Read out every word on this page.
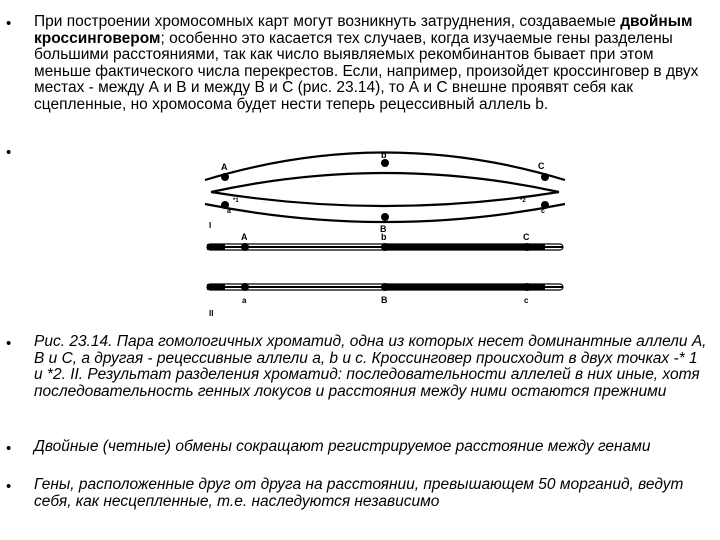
•
•
•
•
•
При построении хромосомных карт могут возникнуть затруднения, создаваемые двойным кроссинговером; особенно это касается тех случаев, когда изучаемые гены разделены большими расстояниями, так как число выявляемых рекомбинантов бывает при этом меньше фактического числа перекрестов. Если, например, произойдет кроссинговер в двух местах - между А и В и между В и С (рис. 23.14), то А и С внешне проявят себя как сцепленные, но хромосома будет нести теперь рецессивный аллель b.
A
b
C
a
B
c
*1	*2
I
A	b	C
a	B	c
II
Рис. 23.14. Пара гомологичных хроматид, одна из которых несет доминантные аллели А, В и С, а другая - рецессивные аллели а, b и с. Кроссинговер происходит в двух точках -* 1 и *2. II. Результат разделения хроматид: последовательности аллелей в них иные, хотя последовательность генных локусов и расстояния между ними остаются прежними
Двойные (четные) обмены сокращают регистрируемое расстояние между генами
Гены, расположенные друг от друга на расстоянии, превышающем 50 морганид, ведут себя, как несцепленные, т.е. наследуются независимо
